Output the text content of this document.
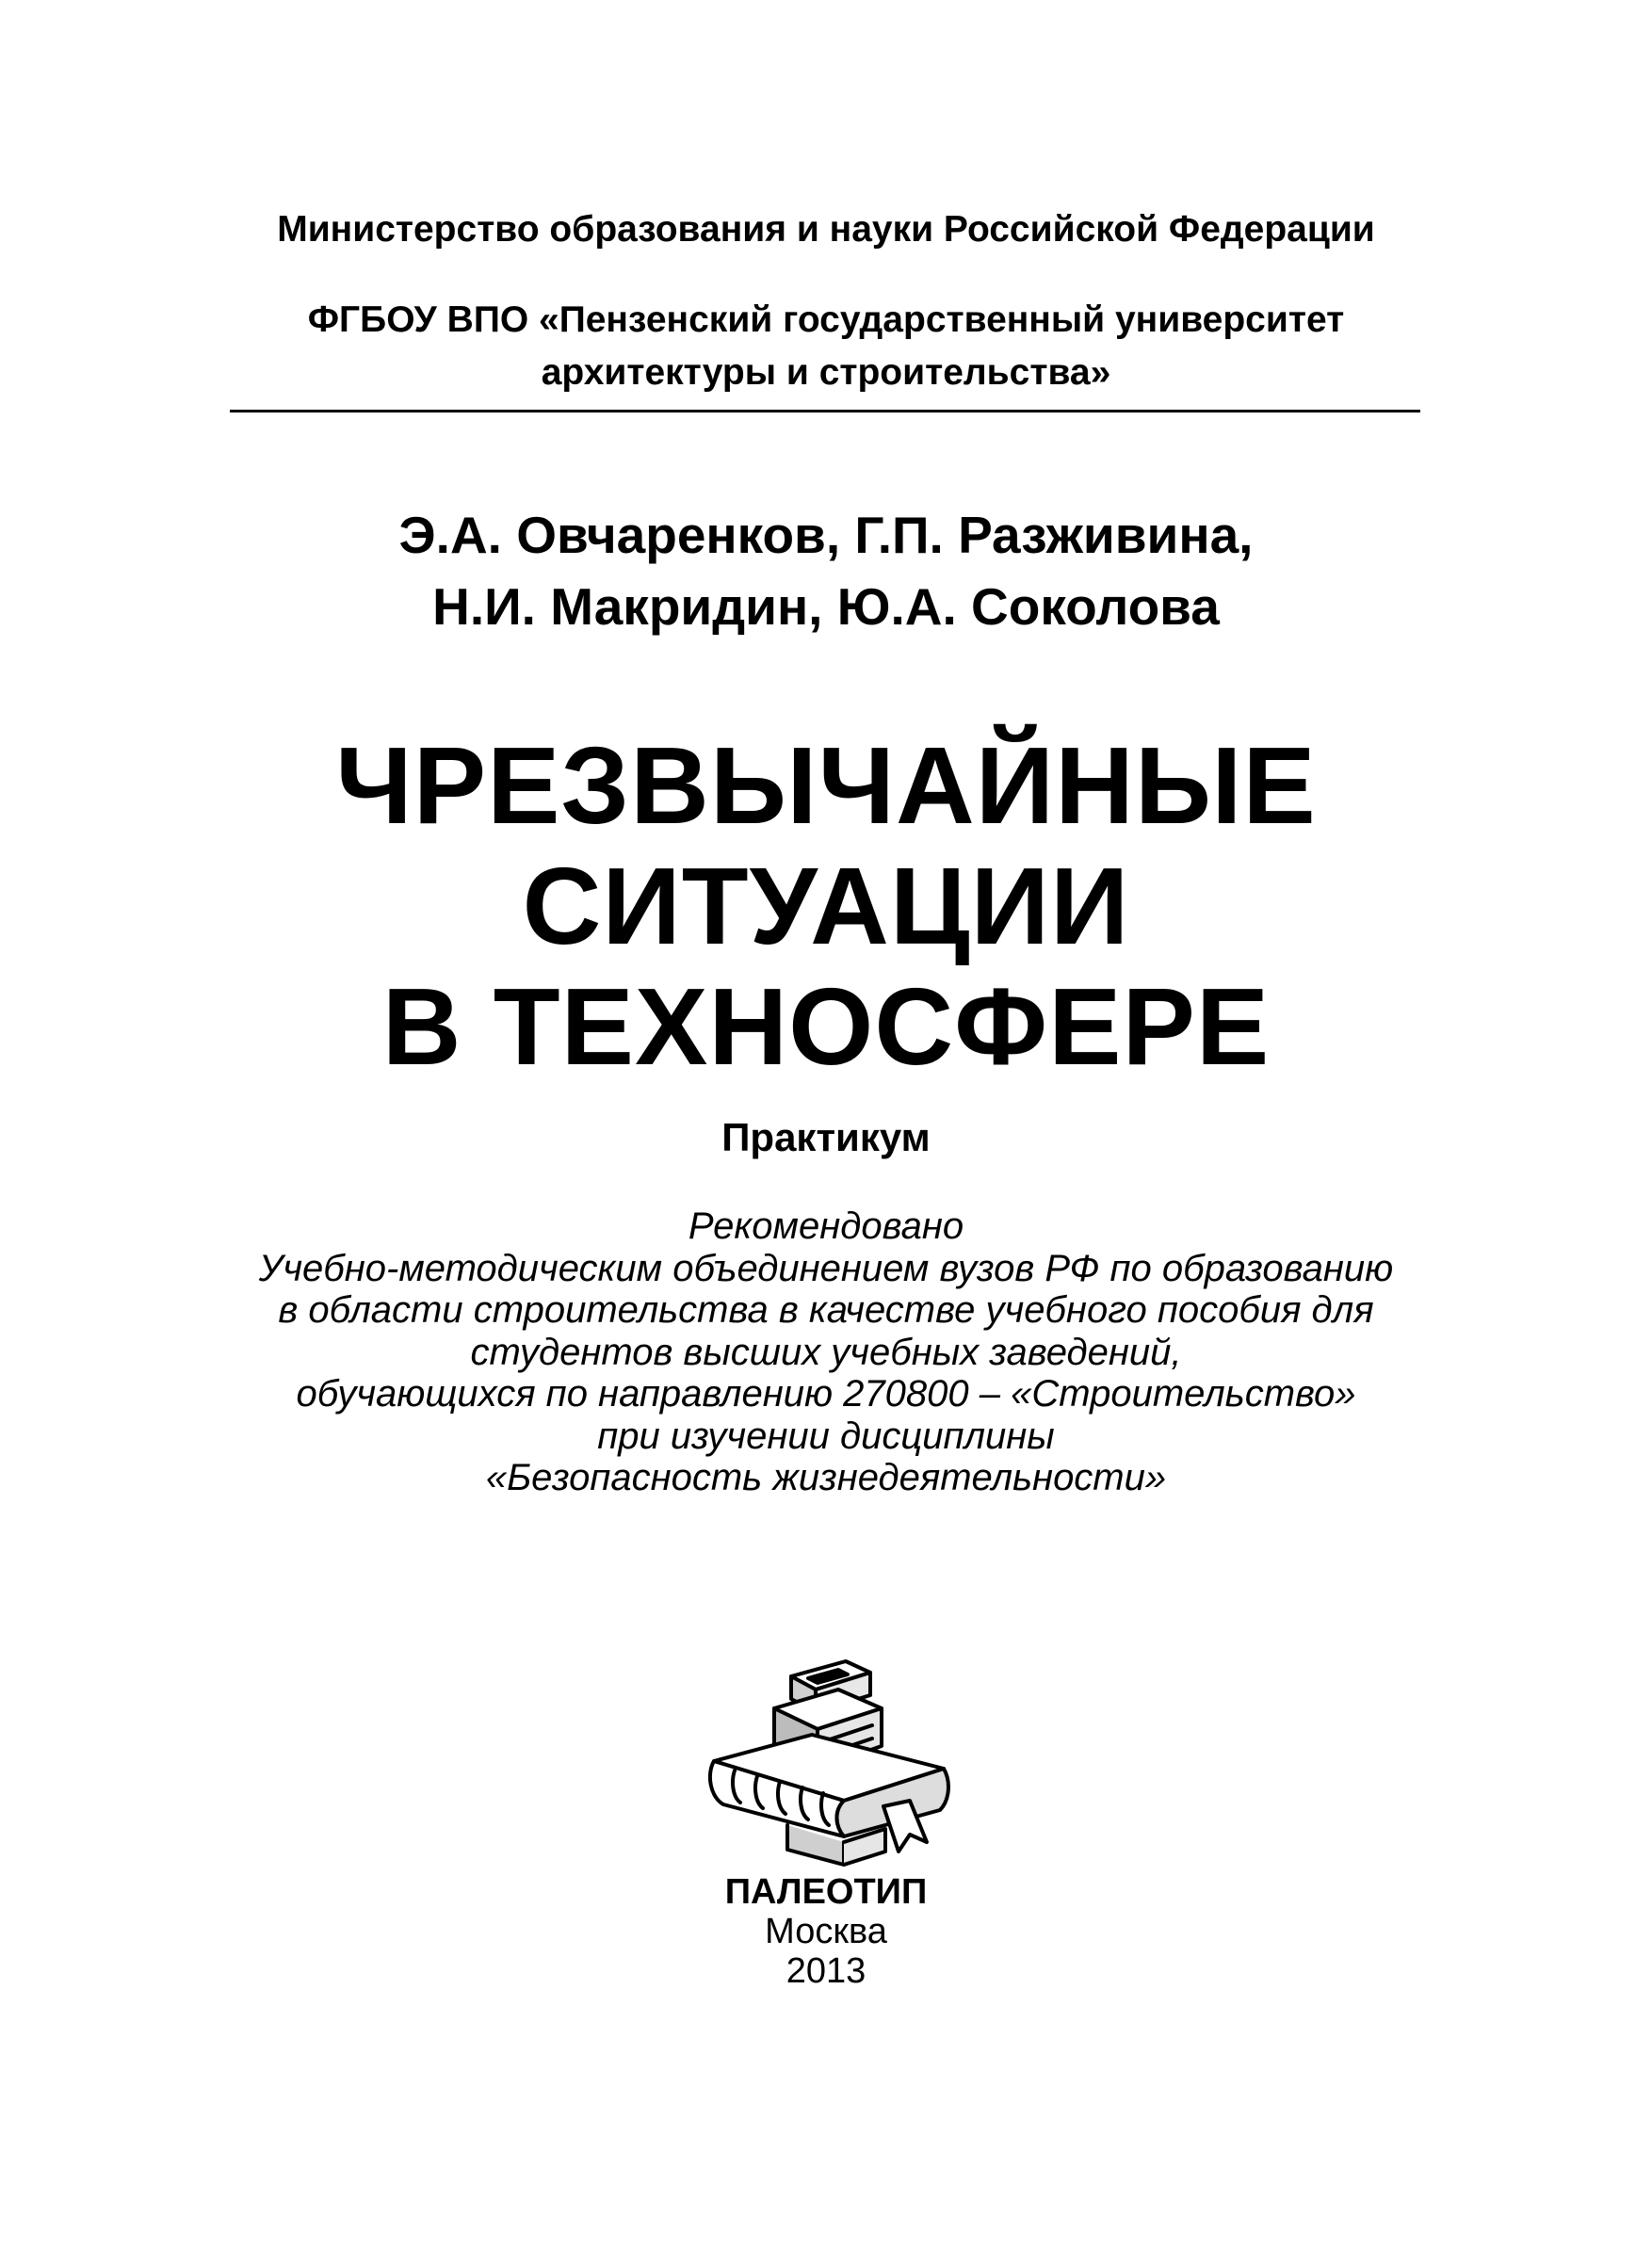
Министерство образования и науки Российской Федерации
ФГБОУ ВПО «Пензенский государственный университет
архитектуры и строительства»
Э.А. Овчаренков, Г.П. Разживина,
Н.И. Макридин, Ю.А. Соколова
ЧРЕЗВЫЧАЙНЫЕ
СИТУАЦИИ
В ТЕХНОСФЕРЕ
Практикум
Рекомендовано
Учебно-методическим объединением вузов РФ по образованию
в области строительства в качестве учебного пособия для
студентов высших учебных заведений,
обучающихся по направлению 270800 – «Строительство»
при изучении дисциплины
«Безопасность жизнедеятельности»
ПАЛЕОТИП
Москва
2013
